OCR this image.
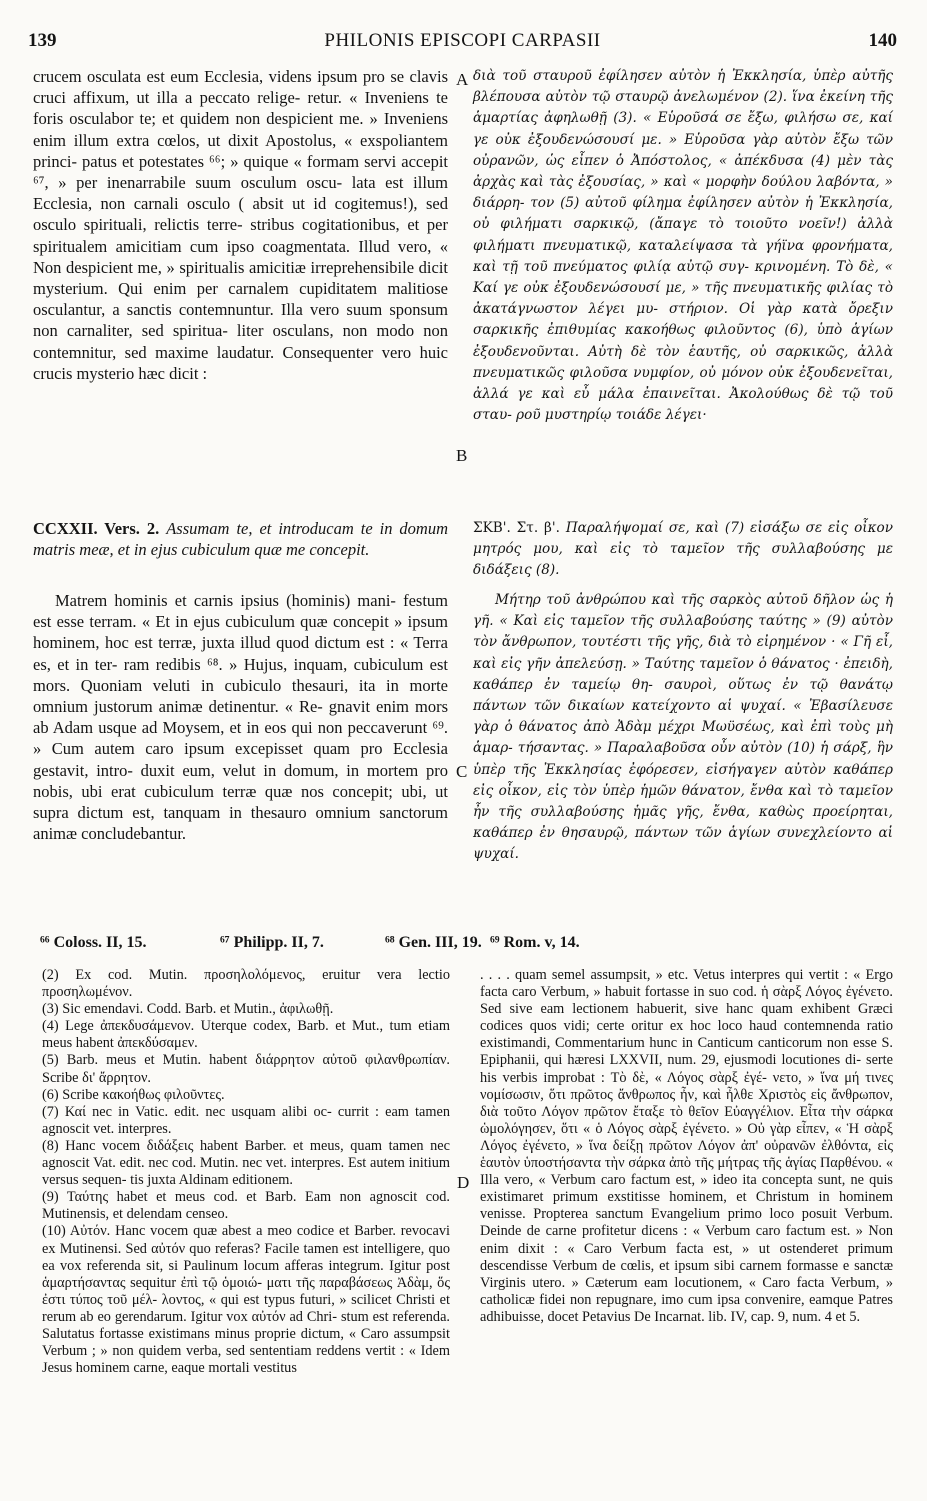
139	PHILONIS EPISCOPI CARPASII	140

crucem osculata est eum Ecclesia, videns ipsum pro se clavis cruci affixum, ut illa a peccato relige- retur. « Inveniens te foris osculabor te; et quidem non despicient me. » Inveniens enim illum extra cœlos, ut dixit Apostolus, « exspoliantem princi- patus et potestates ⁶⁶; » quique « formam servi accepit ⁶⁷, » per inenarrabile suum osculum oscu- lata est illum Ecclesia, non carnali osculo ( absit ut id cogitemus!), sed osculo spirituali, relictis terre- stribus cogitationibus, et per spiritualem amicitiam cum ipso coagmentata. Illud vero, « Non despicient me, » spiritualis amicitiæ irreprehensibile dicit mysterium. Qui enim per carnalem cupiditatem malitiose osculantur, a sanctis contemnuntur. Illa vero suum sponsum non carnaliter, sed spiritua- liter osculans, non modo non contemnitur, sed maxime laudatur. Consequenter vero huic crucis mysterio hæc dicit :

διὰ τοῦ σταυροῦ ἐφίλησεν αὐτὸν ἡ Ἐκκλησία, ὑπὲρ αὐτῆς βλέπουσα αὐτὸν τῷ σταυρῷ ἀνελωμένον (2). ἵνα ἐκείνη τῆς ἁμαρτίας ἀφηλωθῇ (3). « Εὑροῦσά σε ἔξω, φιλήσω σε, καί γε οὐκ ἐξουδενώσουσί με. » Εὑροῦσα γὰρ αὐτὸν ἔξω τῶν οὐρανῶν, ὡς εἶπεν ὁ Ἀπόστολος, « ἀπέκδυσα (4) μὲν τὰς ἀρχὰς καὶ τὰς ἐξουσίας, » καὶ « μορφὴν δούλου λαβόντα, » διάρρη- τον (5) αὐτοῦ φίλημα ἐφίλησεν αὐτὸν ἡ Ἐκκλησία, οὐ φιλήματι σαρκικῷ, (ἄπαγε τὸ τοιοῦτο νοεῖν!) ἀλλὰ φιλήματι πνευματικῷ, καταλείψασα τὰ γήϊνα φρονήματα, καὶ τῇ τοῦ πνεύματος φιλίᾳ αὐτῷ συγ- κρινομένη. Τὸ δὲ, « Καί γε οὐκ ἐξουδενώσουσί με, » τῆς πνευματικῆς φιλίας τὸ ἀκατάγνωστον λέγει μυ- στήριον. Οἱ γὰρ κατὰ ὄρεξιν σαρκικῆς ἐπιθυμίας κακοήθως φιλοῦντος (6), ὑπὸ ἁγίων ἐξουδενοῦνται. Αὐτὴ δὲ τὸν ἑαυτῆς, οὐ σαρκικῶς, ἀλλὰ πνευματικῶς φιλοῦσα νυμφίον, οὐ μόνον οὐκ ἐξουδενεῖται, ἀλλά γε καὶ εὖ μάλα ἐπαινεῖται. Ἀκολούθως δὲ τῷ τοῦ σταυ- ροῦ μυστηρίῳ τοιάδε λέγει·

CCXXII. Vers. 2. Assumam te, et introducam te in domum matris meæ, et in ejus cubiculum quæ me concepit.

ΣΚΒ'. Στ. β'. Παραλήψομαί σε, καὶ (7) εἰσάξω σε εἰς οἶκον μητρός μου, καὶ εἰς τὸ ταμεῖον τῆς συλλαβούσης με διδάξεις (8).

Matrem hominis et carnis ipsius (hominis) mani- festum est esse terram. « Et in ejus cubiculum quæ concepit » ipsum hominem, hoc est terræ, juxta illud quod dictum est : « Terra es, et in ter- ram redibis ⁶⁸. » Hujus, inquam, cubiculum est mors. Quoniam veluti in cubiculo thesauri, ita in morte omnium justorum animæ detinentur. « Re- gnavit enim mors ab Adam usque ad Moysem, et in eos qui non peccaverunt ⁶⁹. » Cum autem caro ipsum excepisset quam pro Ecclesia gestavit, intro- duxit eum, velut in domum, in mortem pro nobis, ubi erat cubiculum terræ quæ nos concepit; ubi, ut supra dictum est, tanquam in thesauro omnium sanctorum animæ concludebantur.

Μήτηρ τοῦ ἀνθρώπου καὶ τῆς σαρκὸς αὐτοῦ δῆλον ὡς ἡ γῆ. « Καὶ εἰς ταμεῖον τῆς συλλαβούσης ταύτης » (9) αὐτὸν τὸν ἄνθρωπον, τουτέστι τῆς γῆς, διὰ τὸ εἰρημένον · « Γῆ εἶ, καὶ εἰς γῆν ἀπελεύσῃ. » Ταύτης ταμεῖον ὁ θάνατος · ἐπειδὴ, καθάπερ ἐν ταμείῳ θη- σαυροὶ, οὕτως ἐν τῷ θανάτῳ πάντων τῶν δικαίων κατείχοντο αἱ ψυχαί. « Ἐβασίλευσε γὰρ ὁ θάνατος ἀπὸ Ἀδὰμ μέχρι Μωϋσέως, καὶ ἐπὶ τοὺς μὴ ἁμαρ- τήσαντας. » Παραλαβοῦσα οὖν αὐτὸν (10) ἡ σάρξ, ἣν ὑπὲρ τῆς Ἐκκλησίας ἐφόρεσεν, εἰσήγαγεν αὐτὸν καθάπερ εἰς οἶκον, εἰς τὸν ὑπὲρ ἡμῶν θάνατον, ἔνθα καὶ τὸ ταμεῖον ἦν τῆς συλλαβούσης ἡμᾶς γῆς, ἔνθα, καθὼς προείρηται, καθάπερ ἐν θησαυρῷ, πάντων τῶν ἁγίων συνεχλείοντο αἱ ψυχαί.

A
B
C
D
⁶⁶ Coloss. II, 15.	⁶⁷ Philipp. II, 7.	⁶⁸ Gen. III, 19. ⁶⁹ Rom. v, 14.

(2) Ex cod. Mutin. προσηλολόμενος, eruitur vera lectio προσηλωμένον.

(3) Sic emendavi. Codd. Barb. et Mutin., ἀφιλωθῇ.

(4) Lege ἀπεκδυσάμενον. Uterque codex, Barb. et Mut., tum etiam meus habent ἀπεκδύσαμεν.

(5) Barb. meus et Mutin. habent διάρρητον αὐτοῦ φιλανθρωπίαν. Scribe δι' ἄρρητον.

(6) Scribe κακοήθως φιλοῦντες.

(7) Καί nec in Vatic. edit. nec usquam alibi oc- currit : eam tamen agnoscit vet. interpres.

(8) Hanc vocem διδάξεις habent Barber. et meus, quam tamen nec agnoscit Vat. edit. nec cod. Mutin. nec vet. interpres. Est autem initium versus sequen- tis juxta Aldinam editionem.

(9) Ταύτης habet et meus cod. et Barb. Eam non agnoscit cod. Mutinensis, et delendam censeo.

(10) Αὐτόν. Hanc vocem quæ abest a meo codice et Barber. revocavi ex Mutinensi. Sed αὐτόν quo referas? Facile tamen est intelligere, quo ea vox referenda sit, si Paulinum locum afferas integrum. Igitur post ἁμαρτήσαντας sequitur ἐπὶ τῷ ὁμοιώ- ματι τῆς παραβάσεως Ἀδὰμ, ὅς ἐστι τύπος τοῦ μέλ- λοντος, « qui est typus futuri, » scilicet Christi et rerum ab eo gerendarum. Igitur vox αὐτόν ad Chri- stum est referenda. Salutatus fortasse existimans minus proprie dictum, « Caro assumpsit Verbum ; » non quidem verba, sed sententiam reddens vertit : « Idem Jesus hominem carne, eaque mortali vestitus

. . . . quam semel assumpsit, » etc. Vetus interpres qui vertit : « Ergo facta caro Verbum, » habuit fortasse in suo cod. ἡ σὰρξ Λόγος ἐγένετο. Sed sive eam lectionem habuerit, sive hanc quam exhibent Græci codices quos vidi; certe oritur ex hoc loco haud contemnenda ratio existimandi, Commentarium hunc in Canticum canticorum non esse S. Epiphanii, qui hæresi LXXVII, num. 29, ejusmodi locutiones di- serte his verbis improbat : Τὸ δὲ, « Λόγος σὰρξ ἐγέ- νετο, » ἵνα μή τινες νομίσωσιν, ὅτι πρῶτος ἄνθρωπος ἦν, καὶ ἦλθε Χριστὸς εἰς ἄνθρωπον, διὰ τοῦτο Λόγον πρῶτον ἔταξε τὸ θεῖον Εὐαγγέλιον. Εἶτα τὴν σάρκα ὡμολόγησεν, ὅτι « ὁ Λόγος σὰρξ ἐγένετο. » Οὐ γὰρ εἶπεν, « Ἡ σὰρξ Λόγος ἐγένετο, » ἵνα δείξῃ πρῶτον Λόγον ἀπ' οὐρανῶν ἐλθόντα, εἰς ἑαυτὸν ὑποστήσαντα τὴν σάρκα ἀπὸ τῆς μήτρας τῆς ἁγίας Παρθένου. « Illa vero, « Verbum caro factum est, » ideo ita concepta sunt, ne quis existimaret primum exstitisse hominem, et Christum in hominem venisse. Propterea sanctum Evangelium primo loco posuit Verbum. Deinde de carne profitetur dicens : « Verbum caro factum est. » Non enim dixit : « Caro Verbum facta est, » ut ostenderet primum descendisse Verbum de cœlis, et ipsum sibi carnem formasse e sanctæ Virginis utero. » Cæterum eam locutionem, « Caro facta Verbum, » catholicæ fidei non repugnare, imo cum ipsa convenire, eamque Patres adhibuisse, docet Petavius De Incarnat. lib. IV, cap. 9, num. 4 et 5.
